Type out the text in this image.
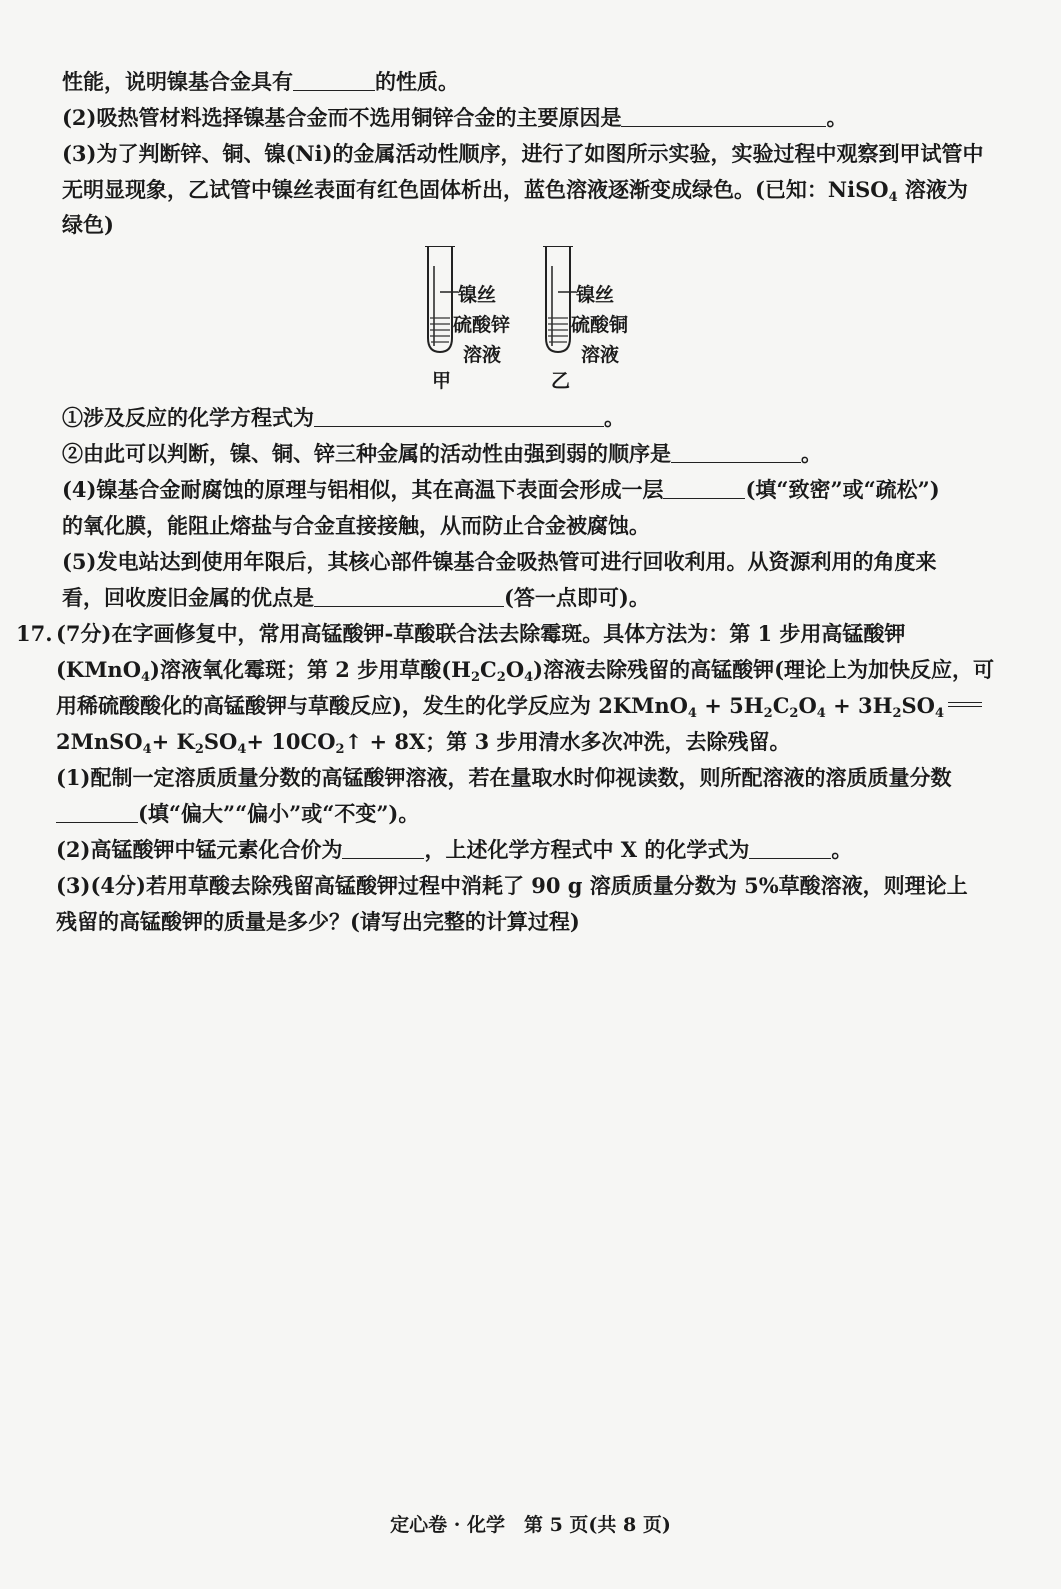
性能，说明镍基合金具有	的性质。
(2)吸热管材料选择镍基合金而不选用铜锌合金的主要原因是	。
(3)为了判断锌、铜、镍(Ni)的金属活动性顺序，进行了如图所示实验，实验过程中观察到甲试管中
无明显现象，乙试管中镍丝表面有红色固体析出，蓝色溶液逐渐变成绿色。(已知：NiSO$_4$ 溶液为
绿色)
镍丝
硫酸锌
溶液
甲
镍丝
硫酸铜
溶液
乙
①涉及反应的化学方程式为	。
②由此可以判断，镍、铜、锌三种金属的活动性由强到弱的顺序是	。
(4)镍基合金耐腐蚀的原理与铝相似，其在高温下表面会形成一层	(填“致密”或“疏松”)
的氧化膜，能阻止熔盐与合金直接接触，从而防止合金被腐蚀。
(5)发电站达到使用年限后，其核心部件镍基合金吸热管可进行回收利用。从资源利用的角度来
看，回收废旧金属的优点是	(答一点即可)。
17. (7分)在字画修复中，常用高锰酸钾-草酸联合法去除霉斑。具体方法为：第 1 步用高锰酸钾
(KMnO$_4$)溶液氧化霉斑；第 2 步用草酸$(H_2C_2O_4)$溶液去除残留的高锰酸钾(理论上为加快反应，可
用稀硫酸酸化的高锰酸钾与草酸反应)，发生的化学反应为 2KMnO$_4$ + $5H_2C_2O_4 + 3H_2SO_4$
2MnSO$_4$+ $K_2SO_4+$ $10CO_2↑ + 8X$；第 3 步用清水多次冲洗，去除残留。
(1)配制一定溶质质量分数的高锰酸钾溶液，若在量取水时仰视读数，则所配溶液的溶质质量分数
(填“偏大”“偏小”或“不变”)。
(2)高锰酸钾中锰元素化合价为	，上述化学方程式中 X 的化学式为	。
(3)(4分)若用草酸去除残留高锰酸钾过程中消耗了 90 g 溶质质量分数为 5%草酸溶液，则理论上
残留的高锰酸钾的质量是多少？(请写出完整的计算过程)
定心卷 · 化学　第 5 页(共 8 页)
